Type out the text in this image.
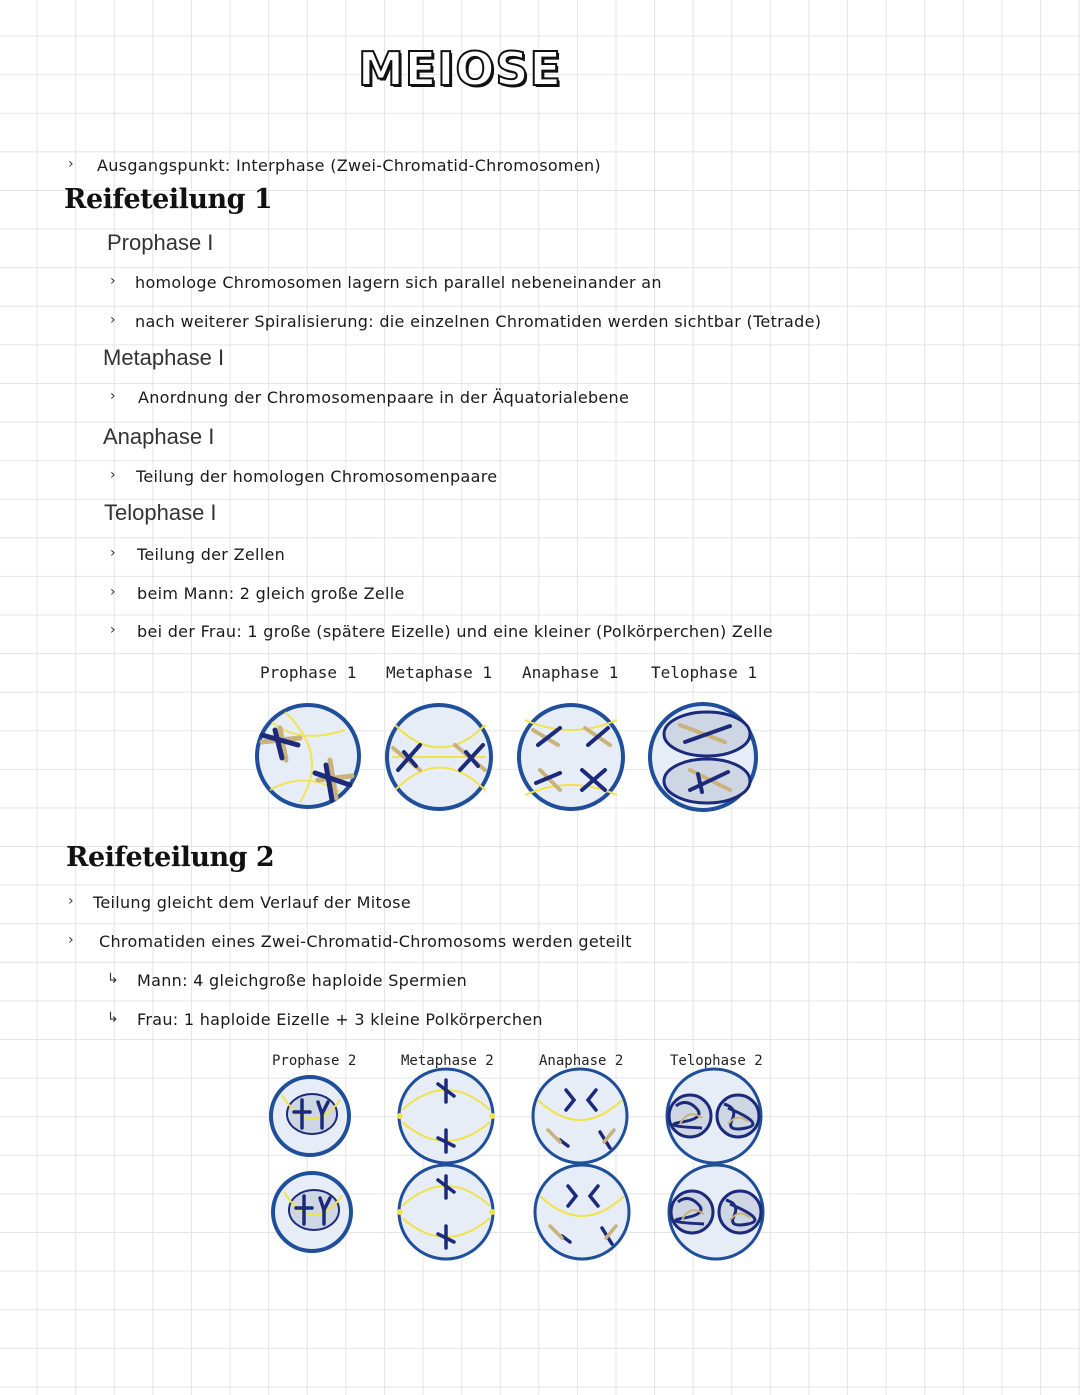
MEIOSE
› Ausgangspunkt: Interphase (Zwei-Chromatid-Chromosomen)
Reifeteilung 1
Prophase I
› homologe Chromosomen lagern sich parallel nebeneinander an
› nach weiterer Spiralisierung: die einzelnen Chromatiden werden sichtbar (Tetrade)
Metaphase I
› Anordnung der Chromosomenpaare in der Äquatorialebene
Anaphase I
› Teilung der homologen Chromosomenpaare
Telophase I
› Teilung der Zellen
› beim Mann: 2 gleich große Zelle
› bei der Frau: 1 große (spätere Eizelle) und eine kleiner (Polkörperchen) Zelle
Prophase 1 Metaphase 1 Anaphase 1 Telophase 1
Reifeteilung 2
› Teilung gleicht dem Verlauf der Mitose
› Chromatiden eines Zwei-Chromatid-Chromosoms werden geteilt
↳ Mann: 4 gleichgroße haploide Spermien
↳ Frau: 1 haploide Eizelle + 3 kleine Polkörperchen
Prophase 2	Metaphase 2	Anaphase 2	Telophase 2
